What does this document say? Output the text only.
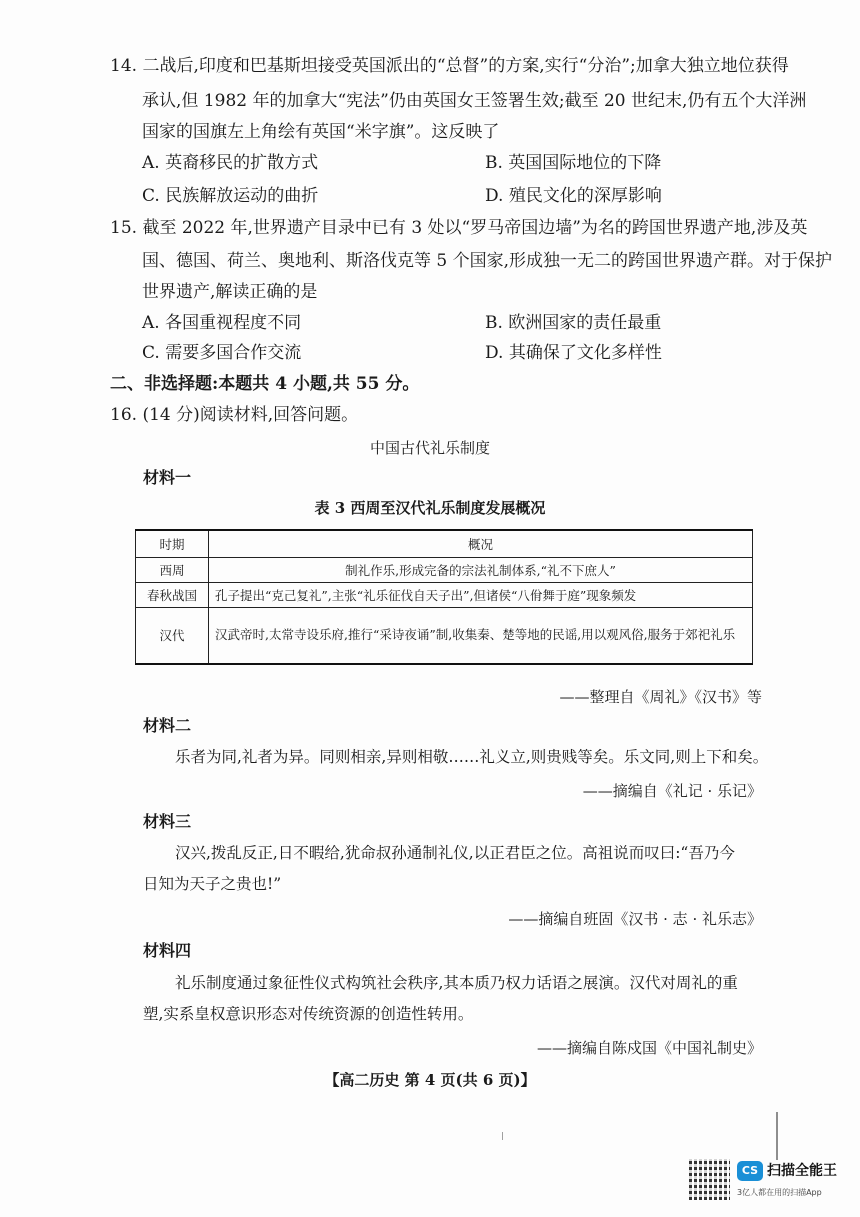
14. 二战后,印度和巴基斯坦接受英国派出的“总督”的方案,实行“分治”;加拿大独立地位获得
承认,但 1982 年的加拿大“宪法”仍由英国女王签署生效;截至 20 世纪末,仍有五个大洋洲
国家的国旗左上角绘有英国“米字旗”。这反映了
A. 英裔移民的扩散方式	B. 英国国际地位的下降
C. 民族解放运动的曲折	D. 殖民文化的深厚影响
15. 截至 2022 年,世界遗产目录中已有 3 处以“罗马帝国边墙”为名的跨国世界遗产地,涉及英
国、德国、荷兰、奥地利、斯洛伐克等 5 个国家,形成独一无二的跨国世界遗产群。对于保护
世界遗产,解读正确的是
A. 各国重视程度不同	B. 欧洲国家的责任最重
C. 需要多国合作交流	D. 其确保了文化多样性
二、非选择题:本题共 4 小题,共 55 分。
16. (14 分)阅读材料,回答问题。
中国古代礼乐制度
材料一
表 3 西周至汉代礼乐制度发展概况
时期	概况
西周	制礼作乐,形成完备的宗法礼制体系,“礼不下庶人”
春秋战国	孔子提出“克己复礼”,主张“礼乐征伐自天子出”,但诸侯“八佾舞于庭”现象频发
汉代	汉武帝时,太常寺设乐府,推行“采诗夜诵”制,收集秦、楚等地的民谣,用以观风俗,服务于郊祀礼乐
——整理自《周礼》《汉书》等
材料二
乐者为同,礼者为异。同则相亲,异则相敬……礼义立,则贵贱等矣。乐文同,则上下和矣。
——摘编自《礼记 · 乐记》
材料三
汉兴,拨乱反正,日不暇给,犹命叔孙通制礼仪,以正君臣之位。高祖说而叹曰:“吾乃今
日知为天子之贵也!”
——摘编自班固《汉书 · 志 · 礼乐志》
材料四
礼乐制度通过象征性仪式构筑社会秩序,其本质乃权力话语之展演。汉代对周礼的重
塑,实系皇权意识形态对传统资源的创造性转用。
——摘编自陈戍国《中国礼制史》
【高二历史 第 4 页(共 6 页)】
CS 扫描全能王
3亿人都在用的扫描App
